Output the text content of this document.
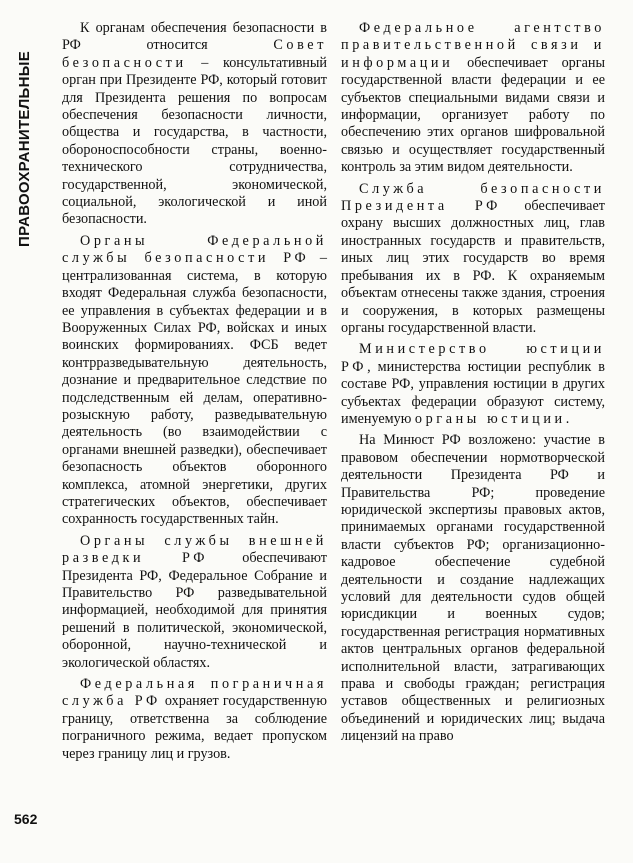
ПРАВООХРАНИТЕЛЬНЫЕ
562

К органам обеспечения безопасности в РФ относится Совет безопасности – консультативный орган при Президенте РФ, который готовит для Президента решения по вопросам обеспечения безопасности личности, общества и государства, в частности, обороноспособности страны, военно-технического сотрудничества, государственной, экономической, социальной, экологической и иной безопасности.

Органы Федеральной службы безопасности РФ – централизованная система, в которую входят Федеральная служба безопасности, ее управления в субъектах федерации и в Вооруженных Силах РФ, войсках и иных воинских формированиях. ФСБ ведет контрразведывательную деятельность, дознание и предварительное следствие по подследственным ей делам, оперативно-розыскную работу, разведывательную деятельность (во взаимодействии с органами внешней разведки), обеспечивает безопасность объектов оборонного комплекса, атомной энергетики, других стратегических объектов, обеспечивает сохранность государственных тайн.

Органы службы внешней разведки РФ обеспечивают Президента РФ, Федеральное Собрание и Правительство РФ разведывательной информацией, необходимой для принятия решений в политической, экономической, оборонной, научно-технической и экологической областях.

Федеральная пограничная служба РФ охраняет государственную границу, ответственна за соблюдение пограничного режима, ведает пропуском через границу лиц и грузов.

Федеральное агентство правительственной связи и информации обеспечивает органы государственной власти федерации и ее субъектов специальными видами связи и информации, организует работу по обеспечению этих органов шифровальной связью и осуществляет государственный контроль за этим видом деятельности.

Служба безопасности Президента РФ обеспечивает охрану высших должностных лиц, глав иностранных государств и правительств, иных лиц этих государств во время пребывания их в РФ. К охраняемым объектам отнесены также здания, строения и сооружения, в которых размещены органы государственной власти.

Министерство юстиции РФ, министерства юстиции республик в составе РФ, управления юстиции в других субъектах федерации образуют систему, именуемую органы юстиции.

На Минюст РФ возложено: участие в правовом обеспечении нормотворческой деятельности Президента РФ и Правительства РФ; проведение юридической экспертизы правовых актов, принимаемых органами государственной власти субъектов РФ; организационно-кадровое обеспечение судебной деятельности и создание надлежащих условий для деятельности судов общей юрисдикции и военных судов; государственная регистрация нормативных актов центральных органов федеральной исполнительной власти, затрагивающих права и свободы граждан; регистрация уставов общественных и религиозных объединений и юридических лиц; выдача лицензий на право
